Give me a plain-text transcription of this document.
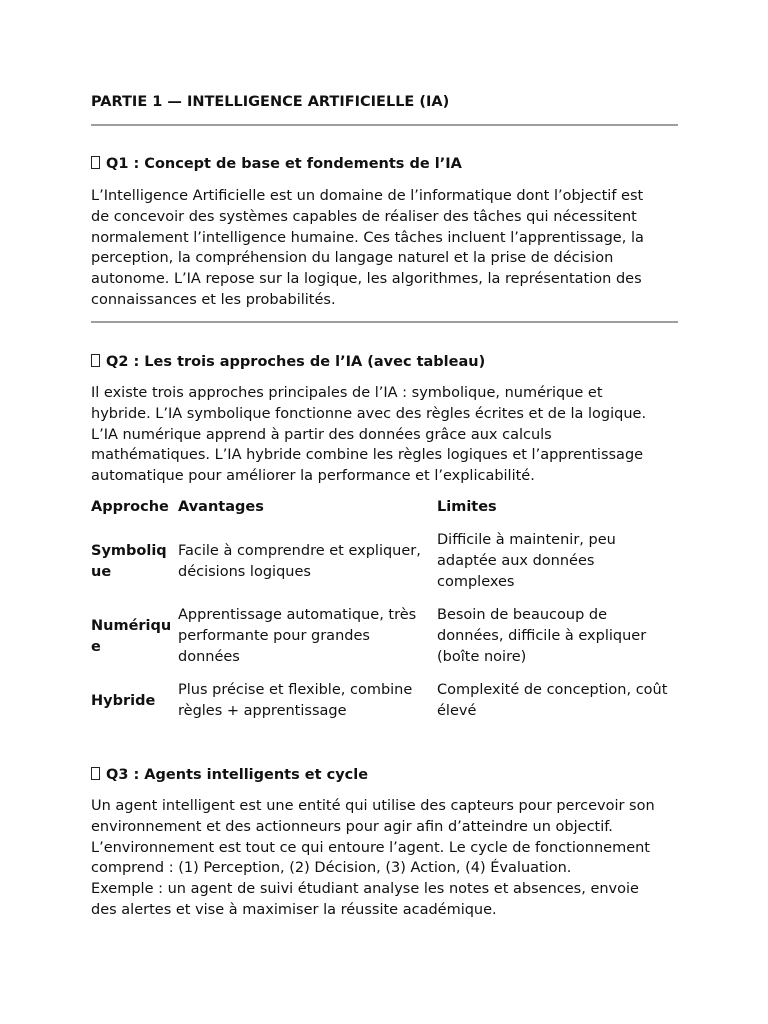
PARTIE 1 — INTELLIGENCE ARTIFICIELLE (IA)
Q1 : Concept de base et fondements de l’IA

L’Intelligence Artificielle est un domaine de l’informatique dont l’objectif est
de concevoir des systèmes capables de réaliser des tâches qui nécessitent
normalement l’intelligence humaine. Ces tâches incluent l’apprentissage, la
perception, la compréhension du langage naturel et la prise de décision
autonome. L’IA repose sur la logique, les algorithmes, la représentation des
connaissances et les probabilités.

Q2 : Les trois approches de l’IA (avec tableau)

Il existe trois approches principales de l’IA : symbolique, numérique et
hybride. L’IA symbolique fonctionne avec des règles écrites et de la logique.
L’IA numérique apprend à partir des données grâce aux calculs
mathématiques. L’IA hybride combine les règles logiques et l’apprentissage
automatique pour améliorer la performance et l’explicabilité.

Approche Avantages	Limites
Symboliq
ue
Facile à comprendre et expliquer,
décisions logiques
Difficile à maintenir, peu
adaptée aux données
complexes
Numériqu
e
Apprentissage automatique, très
performante pour grandes
données
Besoin de beaucoup de
données, difficile à expliquer
(boîte noire)
Hybride
Plus précise et flexible, combine
règles + apprentissage
Complexité de conception, coût
élevé
Q3 : Agents intelligents et cycle

Un agent intelligent est une entité qui utilise des capteurs pour percevoir son
environnement et des actionneurs pour agir afin d’atteindre un objectif.
L’environnement est tout ce qui entoure l’agent. Le cycle de fonctionnement
comprend : (1) Perception, (2) Décision, (3) Action, (4) Évaluation.
Exemple : un agent de suivi étudiant analyse les notes et absences, envoie
des alertes et vise à maximiser la réussite académique.
